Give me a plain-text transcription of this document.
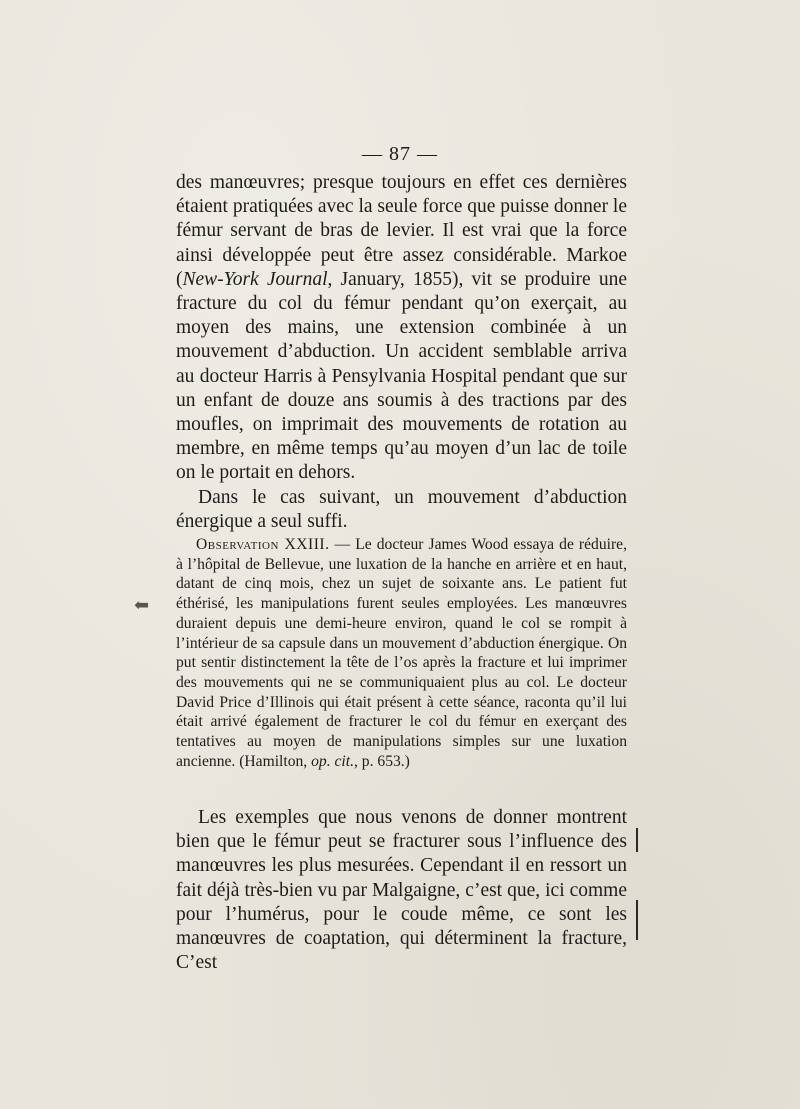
— 87 —

des manœuvres; presque toujours en effet ces dernières étaient pratiquées avec la seule force que puisse donner le fémur servant de bras de levier. Il est vrai que la force ainsi développée peut être assez considérable. Markoe (New-York Journal, January, 1855), vit se produire une fracture du col du fémur pendant qu’on exerçait, au moyen des mains, une extension combinée à un mouvement d’abduction. Un accident semblable arriva au docteur Harris à Pensylvania Hospital pendant que sur un enfant de douze ans soumis à des tractions par des moufles, on imprimait des mouvements de rotation au membre, en même temps qu’au moyen d’un lac de toile on le portait en dehors.

Dans le cas suivant, un mouvement d’abduction énergique a seul suffi.

Observation XXIII. — Le docteur James Wood essaya de réduire, à l’hôpital de Bellevue, une luxation de la hanche en arrière et en haut, datant de cinq mois, chez un sujet de soixante ans. Le patient fut éthérisé, les manipulations furent seules employées. Les manœuvres duraient depuis une demi-heure environ, quand le col se rompit à l’intérieur de sa capsule dans un mouvement d’abduction énergique. On put sentir distinctement la tête de l’os après la fracture et lui imprimer des mouvements qui ne se communiquaient plus au col. Le docteur David Price d’Illinois qui était présent à cette séance, raconta qu’il lui était arrivé également de fracturer le col du fémur en exerçant des tentatives au moyen de manipulations simples sur une luxation ancienne. (Hamilton, op. cit., p. 653.)

Les exemples que nous venons de donner montrent bien que le fémur peut se fracturer sous l’influence des manœuvres les plus mesurées. Cependant il en ressort un fait déjà très-bien vu par Malgaigne, c’est que, ici comme pour l’humérus, pour le coude même, ce sont les manœuvres de coaptation, qui déterminent la fracture, C’est

⬅
